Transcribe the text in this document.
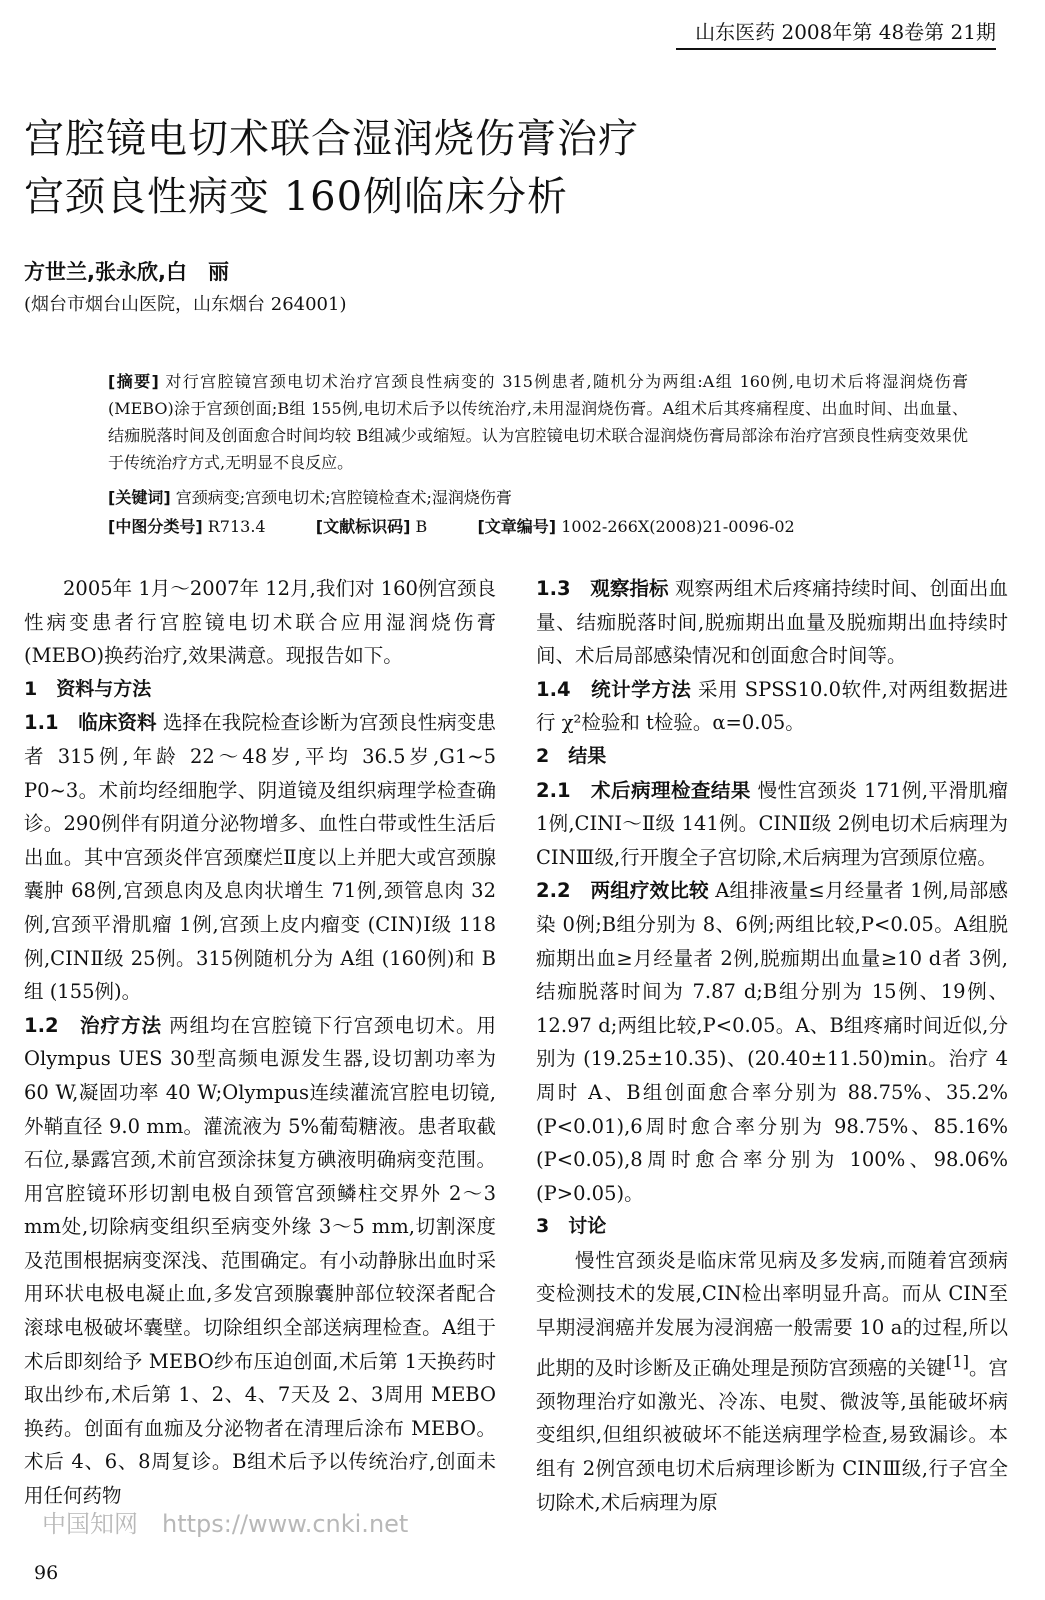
山东医药 2008年第 48卷第 21期
宫腔镜电切术联合湿润烧伤膏治疗
宫颈良性病变 160例临床分析
方世兰,张永欣,白　丽
(烟台市烟台山医院，山东烟台 264001)
[摘要] 对行宫腔镜宫颈电切术治疗宫颈良性病变的 315例患者,随机分为两组:A组 160例,电切术后将湿润烧伤膏 (MEBO)涂于宫颈创面;B组 155例,电切术后予以传统治疗,未用湿润烧伤膏。A组术后其疼痛程度、出血时间、出血量、结痂脱落时间及创面愈合时间均较 B组减少或缩短。认为宫腔镜电切术联合湿润烧伤膏局部涂布治疗宫颈良性病变效果优于传统治疗方式,无明显不良反应。
[关键词] 宫颈病变;宫颈电切术;宫腔镜检查术;湿润烧伤膏
[中图分类号] R713.4	[文献标识码] B	[文章编号] 1002-266X(2008)21-0096-02

2005年 1月～2007年 12月,我们对 160例宫颈良性病变患者行宫腔镜电切术联合应用湿润烧伤膏 (MEBO)换药治疗,效果满意。现报告如下。

1　资料与方法

1.1　临床资料 选择在我院检查诊断为宫颈良性病变患者 315例,年龄 22～48岁,平均 36.5岁,G1~5 P0~3。术前均经细胞学、阴道镜及组织病理学检查确诊。290例伴有阴道分泌物增多、血性白带或性生活后出血。其中宫颈炎伴宫颈糜烂Ⅱ度以上并肥大或宫颈腺囊肿 68例,宫颈息肉及息肉状增生 71例,颈管息肉 32例,宫颈平滑肌瘤 1例,宫颈上皮内瘤变 (CIN)Ⅰ级 118例,CINⅡ级 25例。315例随机分为 A组 (160例)和 B组 (155例)。

1.2　治疗方法 两组均在宫腔镜下行宫颈电切术。用 Olympus UES 30型高频电源发生器,设切割功率为 60 W,凝固功率 40 W;Olympus连续灌流宫腔电切镜,外鞘直径 9.0 mm。灌流液为 5%葡萄糖液。患者取截石位,暴露宫颈,术前宫颈涂抹复方碘液明确病变范围。用宫腔镜环形切割电极自颈管宫颈鳞柱交界外 2～3 mm处,切除病变组织至病变外缘 3～5 mm,切割深度及范围根据病变深浅、范围确定。有小动静脉出血时采用环状电极电凝止血,多发宫颈腺囊肿部位较深者配合滚球电极破坏囊壁。切除组织全部送病理检查。A组于术后即刻给予 MEBO纱布压迫创面,术后第 1天换药时取出纱布,术后第 1、2、4、7天及 2、3周用 MEBO换药。创面有血痂及分泌物者在清理后涂布 MEBO。术后 4、6、8周复诊。B组术后予以传统治疗,创面未用任何药物

1.3　观察指标 观察两组术后疼痛持续时间、创面出血量、结痂脱落时间,脱痂期出血量及脱痂期出血持续时间、术后局部感染情况和创面愈合时间等。

1.4　统计学方法 采用 SPSS10.0软件,对两组数据进行 χ²检验和 t检验。α=0.05。

2　结果

2.1　术后病理检查结果 慢性宫颈炎 171例,平滑肌瘤 1例,CINⅠ～Ⅱ级 141例。CINⅡ级 2例电切术后病理为 CINⅢ级,行开腹全子宫切除,术后病理为宫颈原位癌。

2.2　两组疗效比较 A组排液量≤月经量者 1例,局部感染 0例;B组分别为 8、6例;两组比较,P<0.05。A组脱痂期出血≥月经量者 2例,脱痂期出血量≥10 d者 3例,结痂脱落时间为 7.87 d;B组分别为 15例、19例、12.97 d;两组比较,P<0.05。A、B组疼痛时间近似,分别为 (19.25±10.35)、(20.40±11.50)min。治疗 4周时 A、B组创面愈合率分别为 88.75%、35.2% (P<0.01),6周时愈合率分别为 98.75%、85.16% (P<0.05),8周时愈合率分别为 100%、98.06% (P>0.05)。

3　讨论

慢性宫颈炎是临床常见病及多发病,而随着宫颈病变检测技术的发展,CIN检出率明显升高。而从 CIN至早期浸润癌并发展为浸润癌一般需要 10 a的过程,所以此期的及时诊断及正确处理是预防宫颈癌的关键[1]。宫颈物理治疗如激光、冷冻、电熨、微波等,虽能破坏病变组织,但组织被破坏不能送病理学检查,易致漏诊。本组有 2例宫颈电切术后病理诊断为 CINⅢ级,行子宫全切除术,术后病理为原

中国知网　https://www.cnki.net
96
